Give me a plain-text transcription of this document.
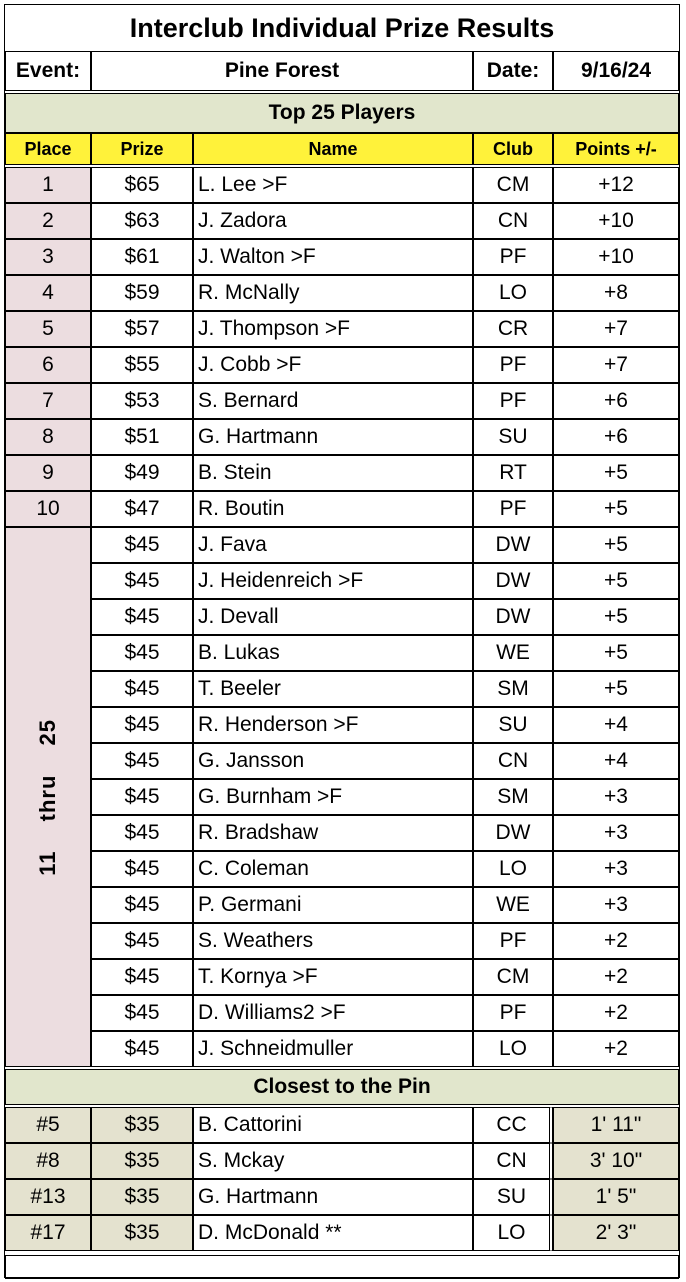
Interclub Individual Prize Results
Event:	Pine Forest	Date:	9/16/24
Top 25 Players
Place	Prize	Name	Club	Points +/-
1	$65	L. Lee >F	CM	+12
2	$63	J. Zadora	CN	+10
3	$61	J. Walton >F	PF	+10
4	$59	R. McNally	LO	+8
5	$57	J. Thompson >F	CR	+7
6	$55	J. Cobb >F	PF	+7
7	$53	S. Bernard	PF	+6
8	$51	G. Hartmann	SU	+6
9	$49	B. Stein	RT	+5
10	$47	R. Boutin	PF	+5
11 thru 25
$45	J. Fava	DW	+5
$45	J. Heidenreich >F	DW	+5
$45	J. Devall	DW	+5
$45	B. Lukas	WE	+5
$45	T. Beeler	SM	+5
$45	R. Henderson >F	SU	+4
$45	G. Jansson	CN	+4
$45	G. Burnham >F	SM	+3
$45	R. Bradshaw	DW	+3
$45	C. Coleman	LO	+3
$45	P. Germani	WE	+3
$45	S. Weathers	PF	+2
$45	T. Kornya >F	CM	+2
$45	D. Williams2 >F	PF	+2
$45	J. Schneidmuller	LO	+2
Closest to the Pin
#5	$35	B. Cattorini	CC	1' 11"
#8	$35	S. Mckay	CN	3' 10"
#13	$35	G. Hartmann	SU	1' 5"
#17	$35	D. McDonald **	LO	2' 3"
